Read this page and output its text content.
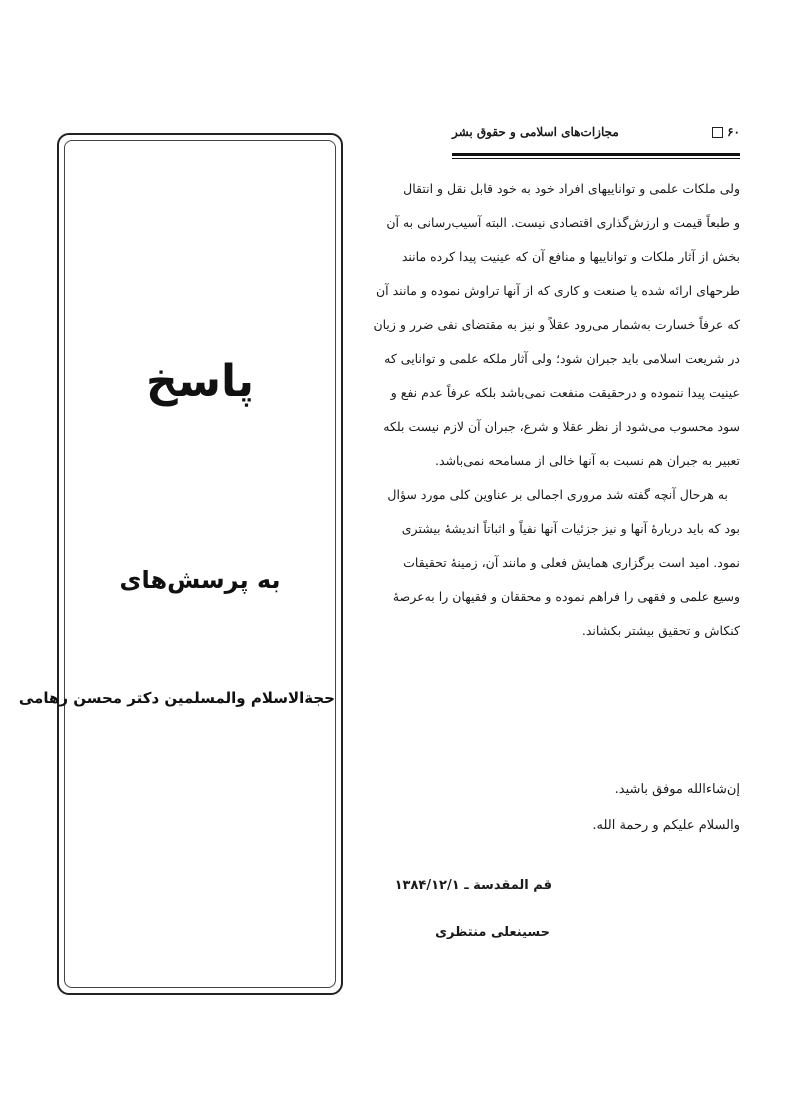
پاسخ
به پرسش‌های
حجةالاسلام والمسلمین دکتر محسن رهامی
۶۰
مجازات‌های اسلامی و حقوق بشر
ولی ملکات علمی و تواناییهای افراد خود به خود قابل نقل و انتقال
و طبعاً قیمت و ارزش‌گذاری اقتصادی نیست. البته آسیب‌رسانی به آن
بخش از آثار ملکات و تواناییها و منافع آن که عینیت پیدا کرده مانند
طرحهای ارائه شده یا صنعت و کاری که از آنها تراوش نموده و مانند آن
که عرفاً خسارت به‌شمار می‌رود عقلاً و نیز به مقتضای نفی ضرر و زیان
در شریعت اسلامی باید جبران شود؛ ولی آثار ملکه علمی و توانایی که
عینیت پیدا ننموده و درحقیقت منفعت نمی‌باشد بلکه عرفاً عدم نفع و
سود محسوب می‌شود از نظر عقلا و شرع، جبران آن لازم نیست بلکه
تعبیر به جبران هم نسبت به آنها خالی از مسامحه نمی‌باشد.
به هرحال آنچه گفته شد مروری اجمالی بر عناوین کلی مورد سؤال
بود که باید دربارهٔ آنها و نیز جزئیات آنها نفیاً و اثباتاً اندیشهٔ بیشتری
نمود. امید است برگزاری همایش فعلی و مانند آن، زمینهٔ تحقیقات
وسیع علمی و فقهی را فراهم نموده و محققان و فقیهان را به‌عرصهٔ
کنکاش و تحقیق بیشتر بکشاند.
إن‌شاءالله موفق باشید.
والسلام علیکم و رحمة الله.
قم المقدسة ـ ۱۳۸۴/۱۲/۱
حسینعلی منتظری
